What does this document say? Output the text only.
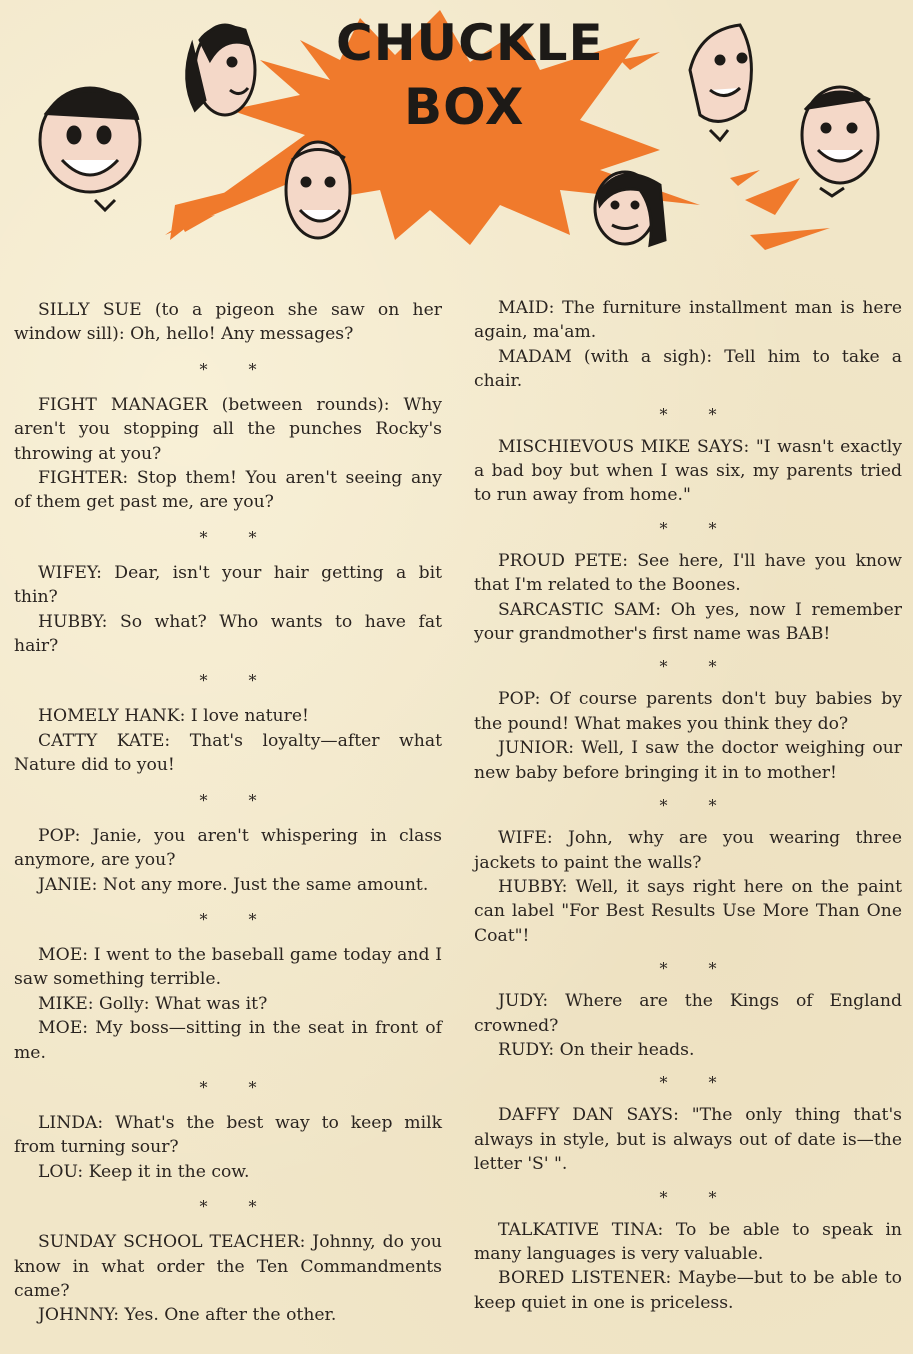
CHUCKLE
BOX

SILLY SUE (to a pigeon she saw on her window sill): Oh, hello! Any messages?

* *

FIGHT MANAGER (between rounds): Why aren't you stopping all the punches Rocky's throwing at you?

FIGHTER: Stop them! You aren't seeing any of them get past me, are you?

* *

WIFEY: Dear, isn't your hair getting a bit thin?

HUBBY: So what? Who wants to have fat hair?

* *

HOMELY HANK: I love nature!

CATTY KATE: That's loyalty—after what Nature did to you!

* *

POP: Janie, you aren't whispering in class anymore, are you?

JANIE: Not any more. Just the same amount.

* *

MOE: I went to the baseball game today and I saw something terrible.

MIKE: Golly: What was it?

MOE: My boss—sitting in the seat in front of me.

* *

LINDA: What's the best way to keep milk from turning sour?

LOU: Keep it in the cow.

* *

SUNDAY SCHOOL TEACHER: Johnny, do you know in what order the Ten Commandments came?

JOHNNY: Yes. One after the other.

MAID: The furniture installment man is here again, ma'am.

MADAM (with a sigh): Tell him to take a chair.

* *

MISCHIEVOUS MIKE SAYS: "I wasn't exactly a bad boy but when I was six, my parents tried to run away from home."

* *

PROUD PETE: See here, I'll have you know that I'm related to the Boones.

SARCASTIC SAM: Oh yes, now I remember your grandmother's first name was BAB!

* *

POP: Of course parents don't buy babies by the pound! What makes you think they do?

JUNIOR: Well, I saw the doctor weighing our new baby before bringing it in to mother!

* *

WIFE: John, why are you wearing three jackets to paint the walls?

HUBBY: Well, it says right here on the paint can label "For Best Results Use More Than One Coat"!

* *

JUDY: Where are the Kings of England crowned?

RUDY: On their heads.

* *

DAFFY DAN SAYS: "The only thing that's always in style, but is always out of date is—the letter 'S' ".

* *

TALKATIVE TINA: To be able to speak in many languages is very valuable.

BORED LISTENER: Maybe—but to be able to keep quiet in one is priceless.
